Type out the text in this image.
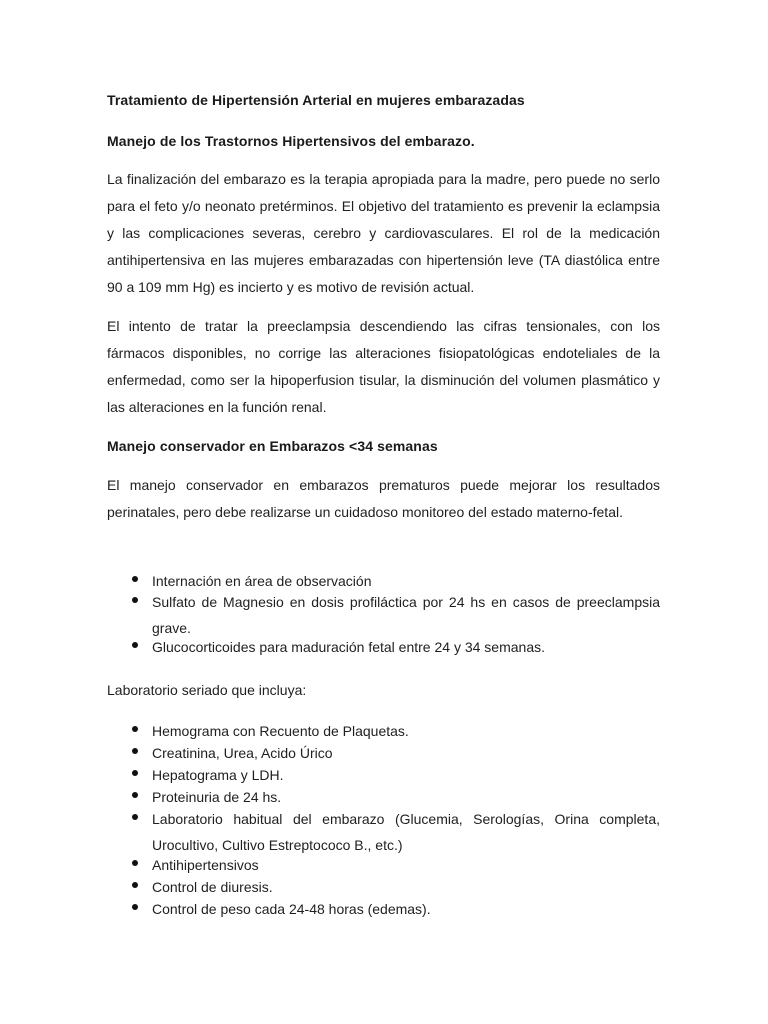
Tratamiento de Hipertensión Arterial en mujeres embarazadas
Manejo de los Trastornos Hipertensivos del embarazo.

La finalización del embarazo es la terapia apropiada para la madre, pero puede no serlo para el feto y/o neonato pretérminos. El objetivo del tratamiento es prevenir la eclampsia y las complicaciones severas, cerebro y cardiovasculares. El rol de la medicación antihipertensiva en las mujeres embarazadas con hipertensión leve (TA diastólica entre 90 a 109 mm Hg) es incierto y es motivo de revisión actual.

El intento de tratar la preeclampsia descendiendo las cifras tensionales, con los fármacos disponibles, no corrige las alteraciones fisiopatológicas endoteliales de la enfermedad, como ser la hipoperfusion tisular, la disminución del volumen plasmático y las alteraciones en la función renal.

Manejo conservador en Embarazos <34 semanas

El manejo conservador en embarazos prematuros puede mejorar los resultados perinatales, pero debe realizarse un cuidadoso monitoreo del estado materno-fetal.

Internación en área de observación
Sulfato de Magnesio en dosis profiláctica por 24 hs en casos de preeclampsia grave.
Glucocorticoides para maduración fetal entre 24 y 34 semanas.

Laboratorio seriado que incluya:

Hemograma con Recuento de Plaquetas.
Creatinina, Urea, Acido Úrico
Hepatograma y LDH.
Proteinuria de 24 hs.
Laboratorio habitual del embarazo (Glucemia, Serologías, Orina completa, Urocultivo, Cultivo Estreptococo B., etc.)
Antihipertensivos
Control de diuresis.
Control de peso cada 24-48 horas (edemas).
